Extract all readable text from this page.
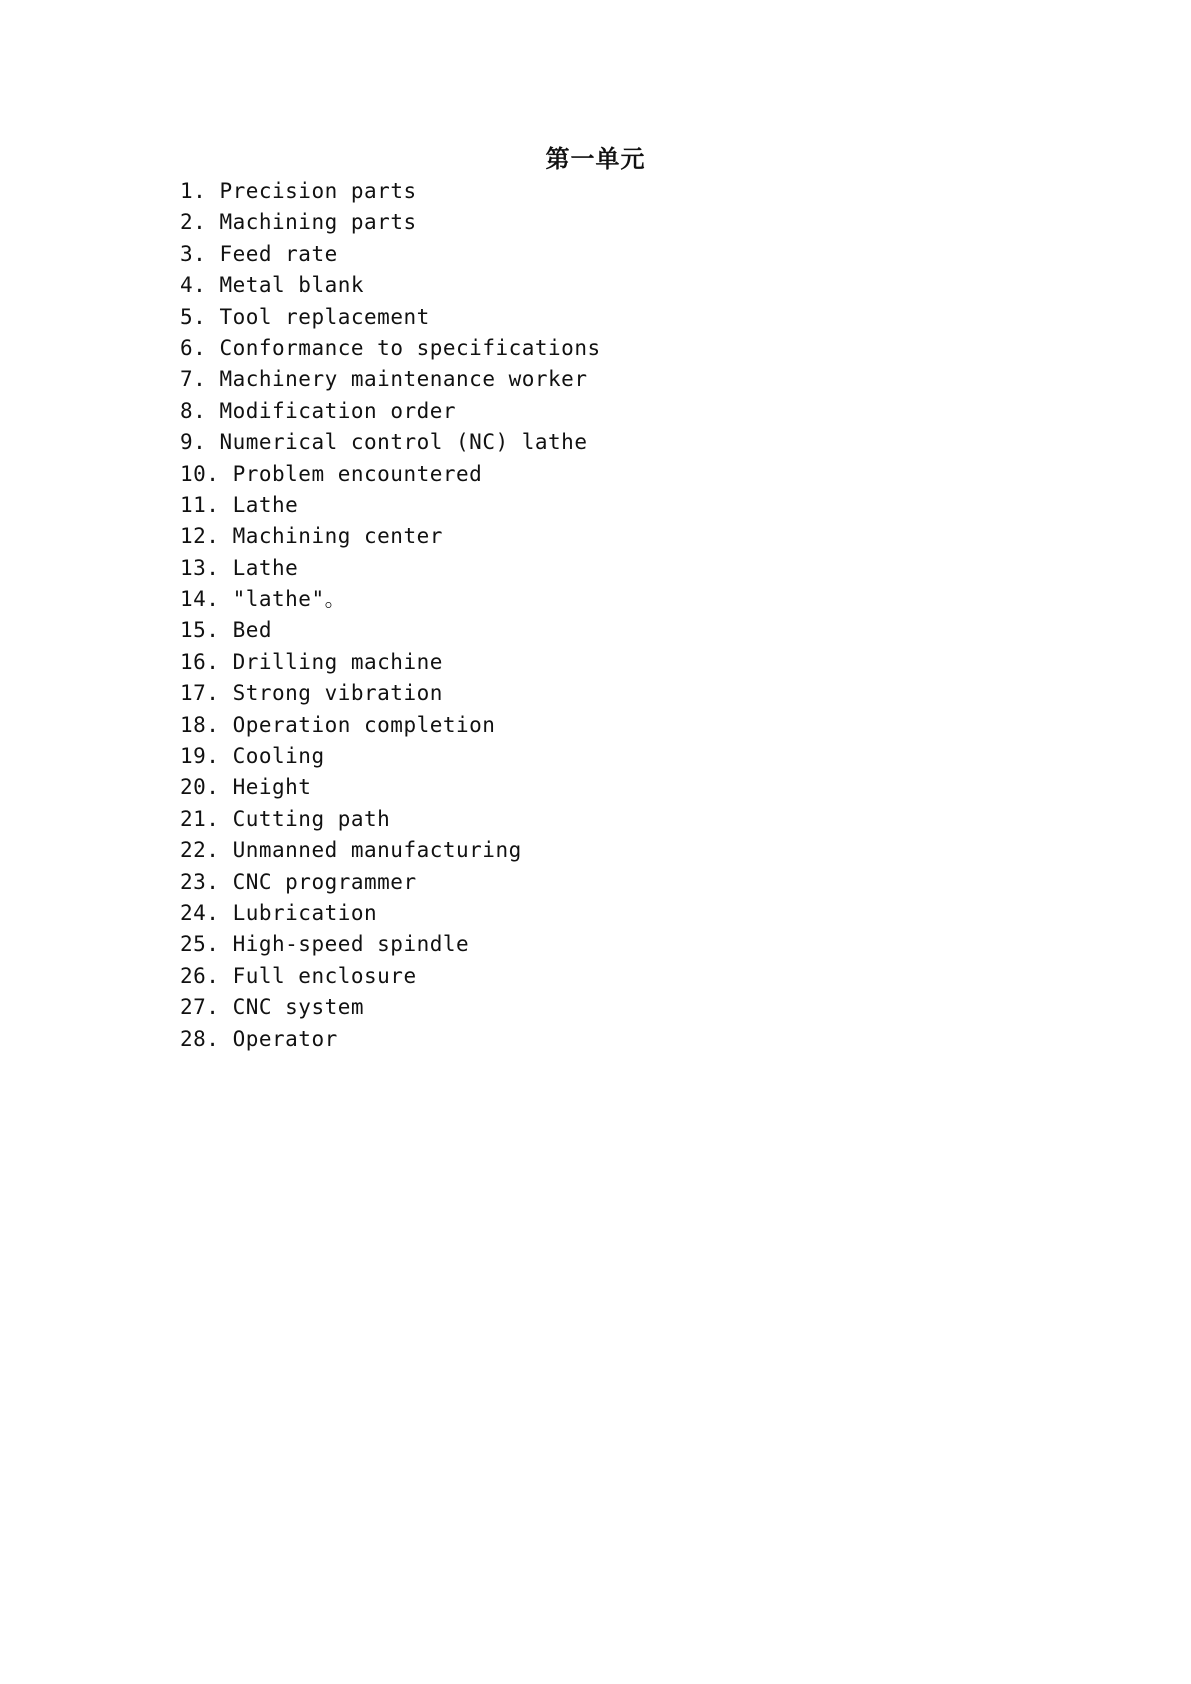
第一单元
1. Precision parts
2. Machining parts
3. Feed rate
4. Metal blank
5. Tool replacement
6. Conformance to specifications
7. Machinery maintenance worker
8. Modification order
9. Numerical control (NC) lathe
10. Problem encountered
11. Lathe
12. Machining center
13. Lathe
14. "lathe"。
15. Bed
16. Drilling machine
17. Strong vibration
18. Operation completion
19. Cooling
20. Height
21. Cutting path
22. Unmanned manufacturing
23. CNC programmer
24. Lubrication
25. High-speed spindle
26. Full enclosure
27. CNC system
28. Operator
